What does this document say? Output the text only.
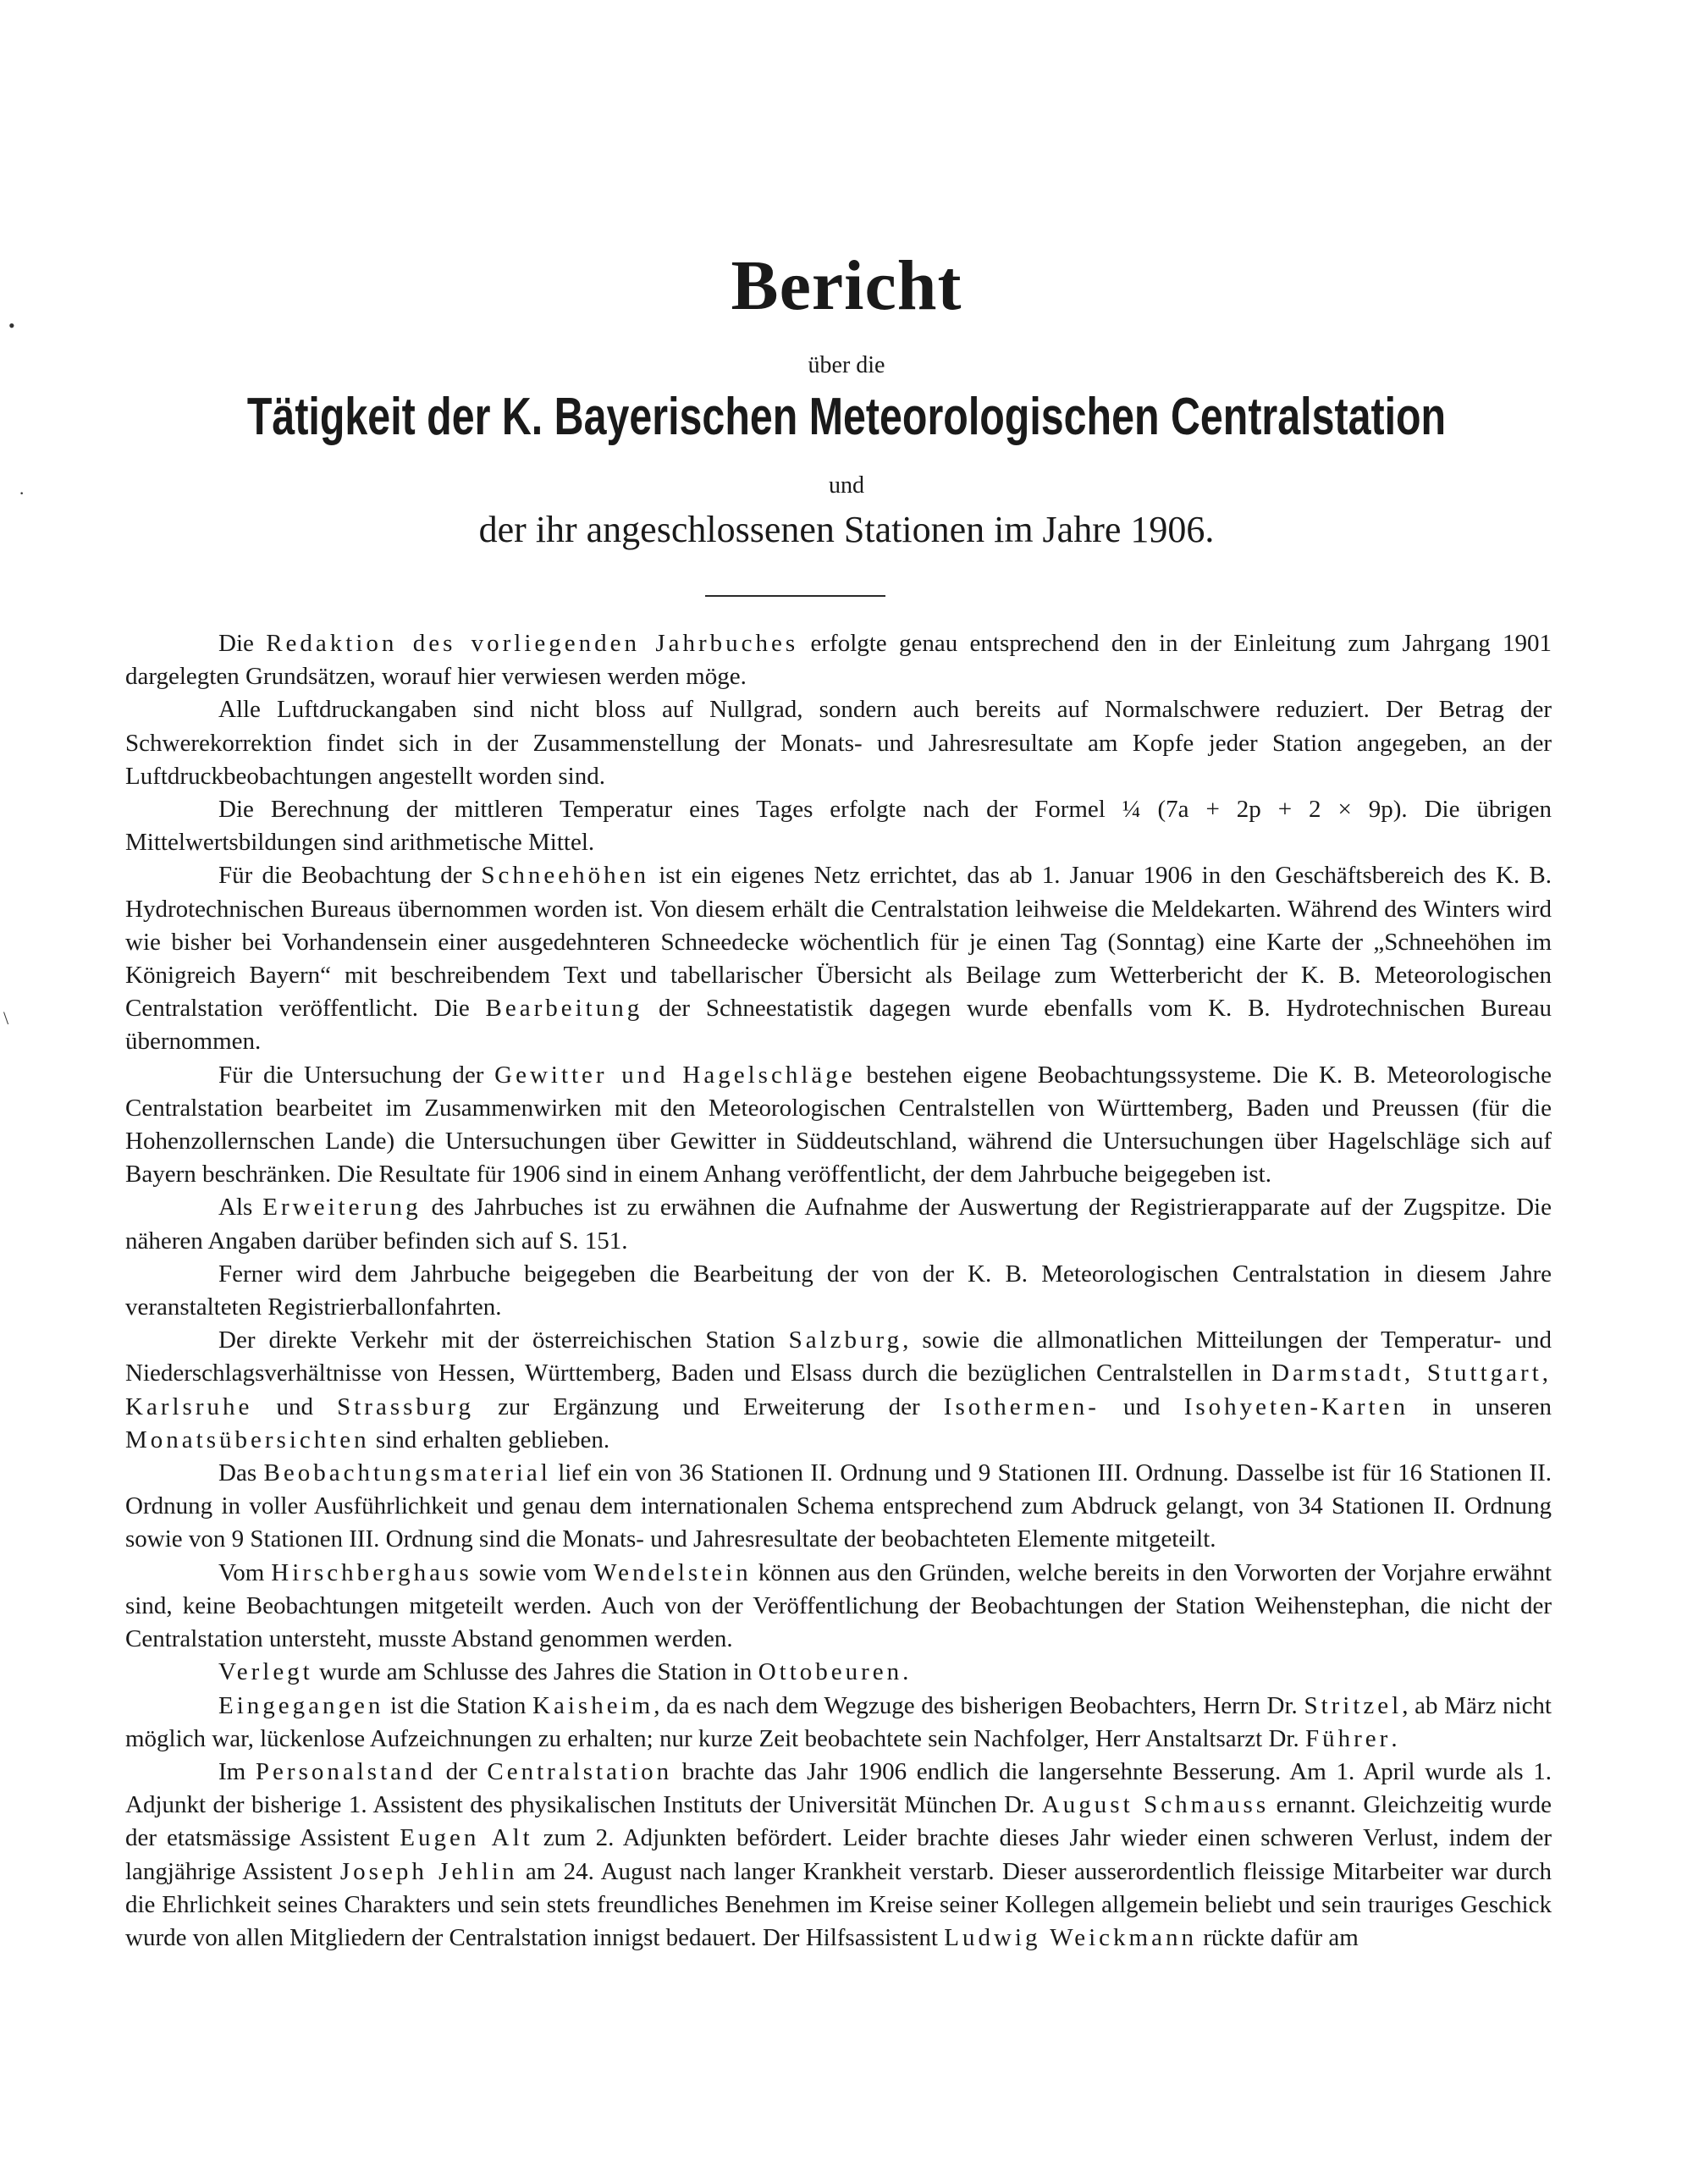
•
·
\
Bericht
über die
Tätigkeit der K. Bayerischen Meteorologischen Centralstation
und
der ihr angeschlossenen Stationen im Jahre 1906.

Die Redaktion des vorliegenden Jahrbuches erfolgte genau entsprechend den in der Einleitung zum Jahrgang 1901 dargelegten Grundsätzen, worauf hier verwiesen werden möge.

Alle Luftdruckangaben sind nicht bloss auf Nullgrad, sondern auch bereits auf Normalschwere reduziert. Der Betrag der Schwerekorrektion findet sich in der Zusammenstellung der Monats- und Jahresresultate am Kopfe jeder Station angegeben, an der Luftdruckbeobachtungen angestellt worden sind.

Die Berechnung der mittleren Temperatur eines Tages erfolgte nach der Formel ¼ (7a + 2p + 2 × 9p). Die übrigen Mittelwertsbildungen sind arithmetische Mittel.

Für die Beobachtung der Schneehöhen ist ein eigenes Netz errichtet, das ab 1. Januar 1906 in den Geschäftsbereich des K. B. Hydrotechnischen Bureaus übernommen worden ist. Von diesem erhält die Centralstation leihweise die Meldekarten. Während des Winters wird wie bisher bei Vorhandensein einer ausgedehnteren Schneedecke wöchentlich für je einen Tag (Sonntag) eine Karte der „Schneehöhen im Königreich Bayern“ mit beschreibendem Text und tabellarischer Übersicht als Beilage zum Wetterbericht der K. B. Meteorologischen Centralstation veröffentlicht. Die Bearbeitung der Schneestatistik dagegen wurde ebenfalls vom K. B. Hydrotechnischen Bureau übernommen.

Für die Untersuchung der Gewitter und Hagelschläge bestehen eigene Beobachtungssysteme. Die K. B. Meteorologische Centralstation bearbeitet im Zusammenwirken mit den Meteorologischen Centralstellen von Württemberg, Baden und Preussen (für die Hohenzollernschen Lande) die Untersuchungen über Gewitter in Süddeutschland, während die Untersuchungen über Hagelschläge sich auf Bayern beschränken. Die Resultate für 1906 sind in einem Anhang veröffentlicht, der dem Jahrbuche beigegeben ist.

Als Erweiterung des Jahrbuches ist zu erwähnen die Aufnahme der Auswertung der Registrierapparate auf der Zugspitze. Die näheren Angaben darüber befinden sich auf S. 151.

Ferner wird dem Jahrbuche beigegeben die Bearbeitung der von der K. B. Meteorologischen Centralstation in diesem Jahre veranstalteten Registrierballonfahrten.

Der direkte Verkehr mit der österreichischen Station Salzburg, sowie die allmonatlichen Mitteilungen der Temperatur- und Niederschlagsverhältnisse von Hessen, Württemberg, Baden und Elsass durch die bezüglichen Centralstellen in Darmstadt, Stuttgart, Karlsruhe und Strassburg zur Ergänzung und Erweiterung der Isothermen- und Isohyeten-Karten in unseren Monatsübersichten sind erhalten geblieben.

Das Beobachtungsmaterial lief ein von 36 Stationen II. Ordnung und 9 Stationen III. Ordnung. Dasselbe ist für 16 Stationen II. Ordnung in voller Ausführlichkeit und genau dem internationalen Schema entsprechend zum Abdruck gelangt, von 34 Stationen II. Ordnung sowie von 9 Stationen III. Ordnung sind die Monats- und Jahresresultate der beobachteten Elemente mitgeteilt.

Vom Hirschberghaus sowie vom Wendelstein können aus den Gründen, welche bereits in den Vorworten der Vorjahre erwähnt sind, keine Beobachtungen mitgeteilt werden. Auch von der Veröffentlichung der Beobachtungen der Station Weihenstephan, die nicht der Centralstation untersteht, musste Abstand genommen werden.

Verlegt wurde am Schlusse des Jahres die Station in Ottobeuren.

Eingegangen ist die Station Kaisheim, da es nach dem Wegzuge des bisherigen Beobachters, Herrn Dr. Stritzel, ab März nicht möglich war, lückenlose Aufzeichnungen zu erhalten; nur kurze Zeit beobachtete sein Nachfolger, Herr Anstaltsarzt Dr. Führer.

Im Personalstand der Centralstation brachte das Jahr 1906 endlich die langersehnte Besserung. Am 1. April wurde als 1. Adjunkt der bisherige 1. Assistent des physikalischen Instituts der Universität München Dr. August Schmauss ernannt. Gleichzeitig wurde der etatsmässige Assistent Eugen Alt zum 2. Adjunkten befördert. Leider brachte dieses Jahr wieder einen schweren Verlust, indem der langjährige Assistent Joseph Jehlin am 24. August nach langer Krankheit verstarb. Dieser ausserordentlich fleissige Mitarbeiter war durch die Ehrlichkeit seines Charakters und sein stets freundliches Benehmen im Kreise seiner Kollegen allgemein beliebt und sein trauriges Geschick wurde von allen Mitgliedern der Centralstation innigst bedauert. Der Hilfsassistent Ludwig Weickmann rückte dafür am
